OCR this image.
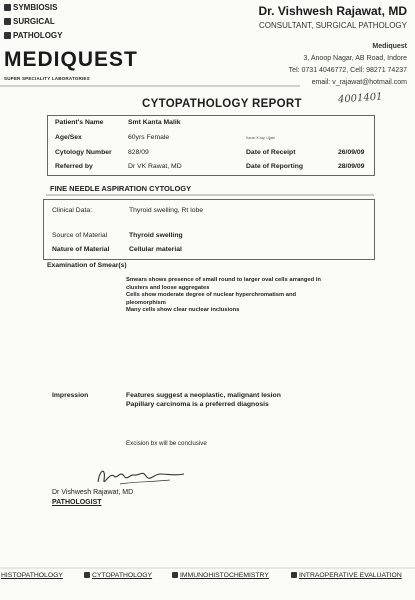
SYMBIOSIS
SURGICAL
PATHOLOGY
MEDIQUEST
SUPER SPECIALITY LABORATORIES
Dr. Vishwesh Rajawat, MD
CONSULTANT, SURGICAL PATHOLOGY
Mediquest
3, Anoop Nagar, AB Road, Indore
Tel: 0731 4046772, Cell: 98271 74237
email: v_rajawat@hotmail.com
4001401
CYTOPATHOLOGY REPORT
Patient's Name	Smt Kanta Malik
Age/Sex	60yrs Female	Karan X-ray, Ujjain
Cytology Number 828/09	Date of Receipt	26/09/09
Referred by	Dr VK Rawat, MD	Date of Reporting	28/09/09
FINE NEEDLE ASPIRATION CYTOLOGY
Clinical Data:	Thyroid swelling, Rt lobe
Source of Material	Thyroid swelling
Nature of Material	Cellular material
Examination of Smear(s)
Smears shows presence of small round to larger oval cells arranged in
clusters and loose aggregates
Cells show moderate degree of nuclear hyperchromatism and
pleomorphism
Many cells show clear nuclear inclusions
Impression	Features suggest a neoplastic, malignant lesion
Papillary carcinoma is a preferred diagnosis
Excision bx will be conclusive
Dr Vishwesh Rajawat, MD
PATHOLOGIST
HISTOPATHOLOGY	CYTOPATHOLOGY	IMMUNOHISTOCHEMISTRY	INTRAOPERATIVE EVALUATION
